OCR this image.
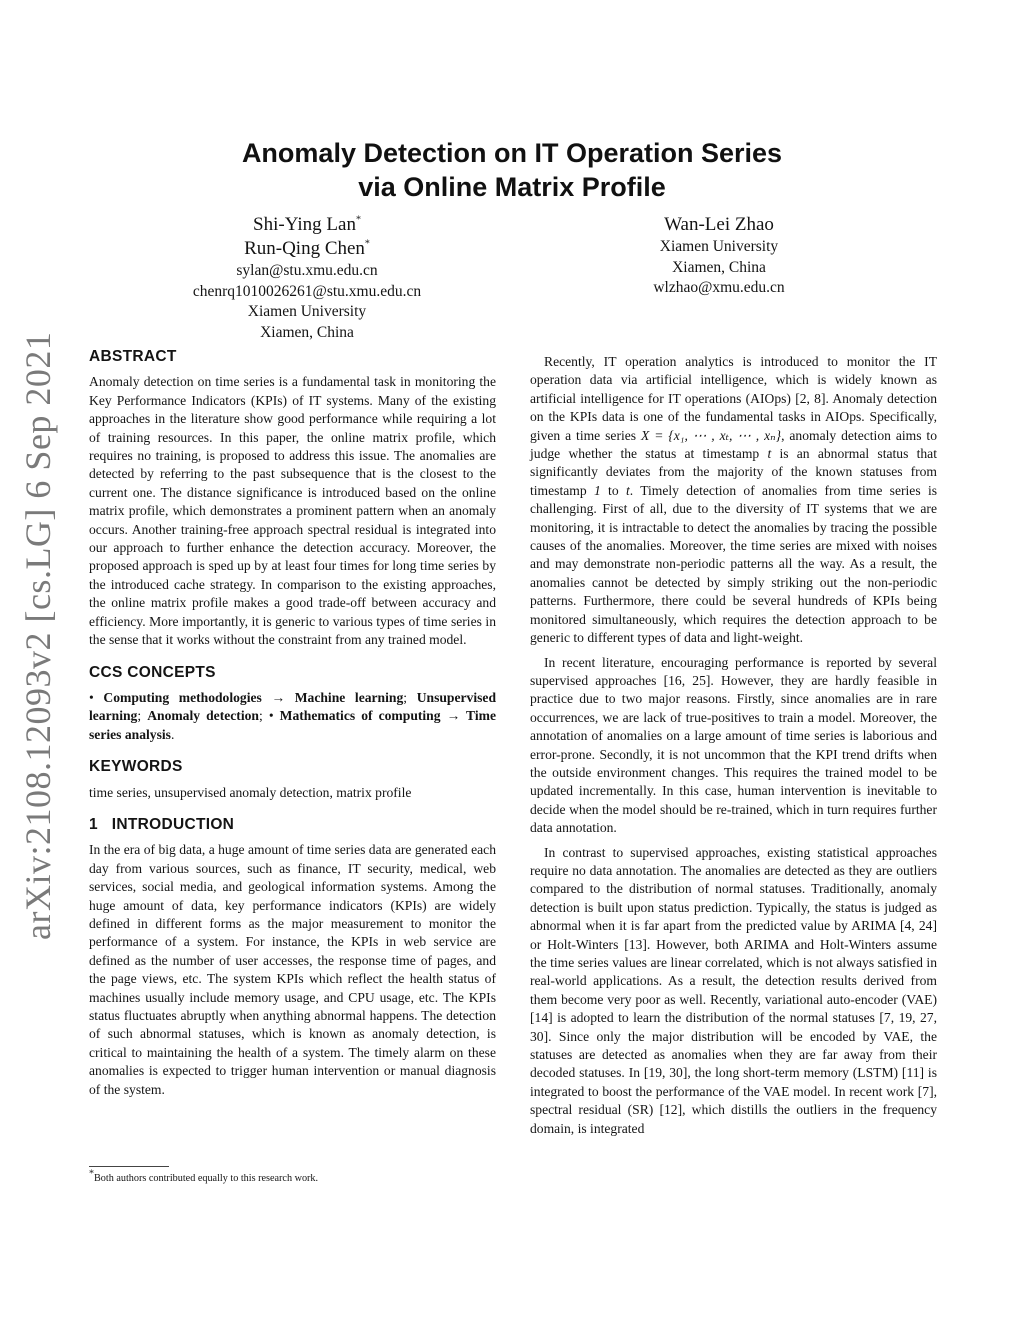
arXiv:2108.12093v2 [cs.LG] 6 Sep 2021
Anomaly Detection on IT Operation Series
via Online Matrix Profile
Shi-Ying Lan*
Run-Qing Chen*
sylan@stu.xmu.edu.cn
chenrq1010026261@stu.xmu.edu.cn
Xiamen University
Xiamen, China
Wan-Lei Zhao
Xiamen University
Xiamen, China
wlzhao@xmu.edu.cn
ABSTRACT

Anomaly detection on time series is a fundamental task in monitoring the Key Performance Indicators (KPIs) of IT systems. Many of the existing approaches in the literature show good performance while requiring a lot of training resources. In this paper, the online matrix profile, which requires no training, is proposed to address this issue. The anomalies are detected by referring to the past subsequence that is the closest to the current one. The distance significance is introduced based on the online matrix profile, which demonstrates a prominent pattern when an anomaly occurs. Another training-free approach spectral residual is integrated into our approach to further enhance the detection accuracy. Moreover, the proposed approach is sped up by at least four times for long time series by the introduced cache strategy. In comparison to the existing approaches, the online matrix profile makes a good trade-off between accuracy and efficiency. More importantly, it is generic to various types of time series in the sense that it works without the constraint from any trained model.

CCS CONCEPTS

• Computing methodologies → Machine learning; Unsupervised learning; Anomaly detection; • Mathematics of computing → Time series analysis.

KEYWORDS

time series, unsupervised anomaly detection, matrix profile

1   INTRODUCTION

In the era of big data, a huge amount of time series data are generated each day from various sources, such as finance, IT security, medical, web services, social media, and geological information systems. Among the huge amount of data, key performance indicators (KPIs) are widely defined in different forms as the major measurement to monitor the performance of a system. For instance, the KPIs in web service are defined as the number of user accesses, the response time of pages, and the page views, etc. The system KPIs which reflect the health status of machines usually include memory usage, and CPU usage, etc. The KPIs status fluctuates abruptly when anything abnormal happens. The detection of such abnormal statuses, which is known as anomaly detection, is critical to maintaining the health of a system. The timely alarm on these anomalies is expected to trigger human intervention or manual diagnosis of the system.

Recently, IT operation analytics is introduced to monitor the IT operation data via artificial intelligence, which is widely known as artificial intelligence for IT operations (AIOps) [2, 8]. Anomaly detection on the KPIs data is one of the fundamental tasks in AIOps. Specifically, given a time series X = {x₁, ⋯ , xₜ, ⋯ , xₙ}, anomaly detection aims to judge whether the status at timestamp t is an abnormal status that significantly deviates from the majority of the known statuses from timestamp 1 to t. Timely detection of anomalies from time series is challenging. First of all, due to the diversity of IT systems that we are monitoring, it is intractable to detect the anomalies by tracing the possible causes of the anomalies. Moreover, the time series are mixed with noises and may demonstrate non-periodic patterns all the way. As a result, the anomalies cannot be detected by simply striking out the non-periodic patterns. Furthermore, there could be several hundreds of KPIs being monitored simultaneously, which requires the detection approach to be generic to different types of data and light-weight.

In recent literature, encouraging performance is reported by several supervised approaches [16, 25]. However, they are hardly feasible in practice due to two major reasons. Firstly, since anomalies are in rare occurrences, we are lack of true-positives to train a model. Moreover, the annotation of anomalies on a large amount of time series is laborious and error-prone. Secondly, it is not uncommon that the KPI trend drifts when the outside environment changes. This requires the trained model to be updated incrementally. In this case, human intervention is inevitable to decide when the model should be re-trained, which in turn requires further data annotation.

In contrast to supervised approaches, existing statistical approaches require no data annotation. The anomalies are detected as they are outliers compared to the distribution of normal statuses. Traditionally, anomaly detection is built upon status prediction. Typically, the status is judged as abnormal when it is far apart from the predicted value by ARIMA [4, 24] or Holt-Winters [13]. However, both ARIMA and Holt-Winters assume the time series values are linear correlated, which is not always satisfied in real-world applications. As a result, the detection results derived from them become very poor as well. Recently, variational auto-encoder (VAE) [14] is adopted to learn the distribution of the normal statuses [7, 19, 27, 30]. Since only the major distribution will be encoded by VAE, the statuses are detected as anomalies when they are far away from their decoded statuses. In [19, 30], the long short-term memory (LSTM) [11] is integrated to boost the performance of the VAE model. In recent work [7], spectral residual (SR) [12], which distills the outliers in the frequency domain, is integrated

*Both authors contributed equally to this research work.
